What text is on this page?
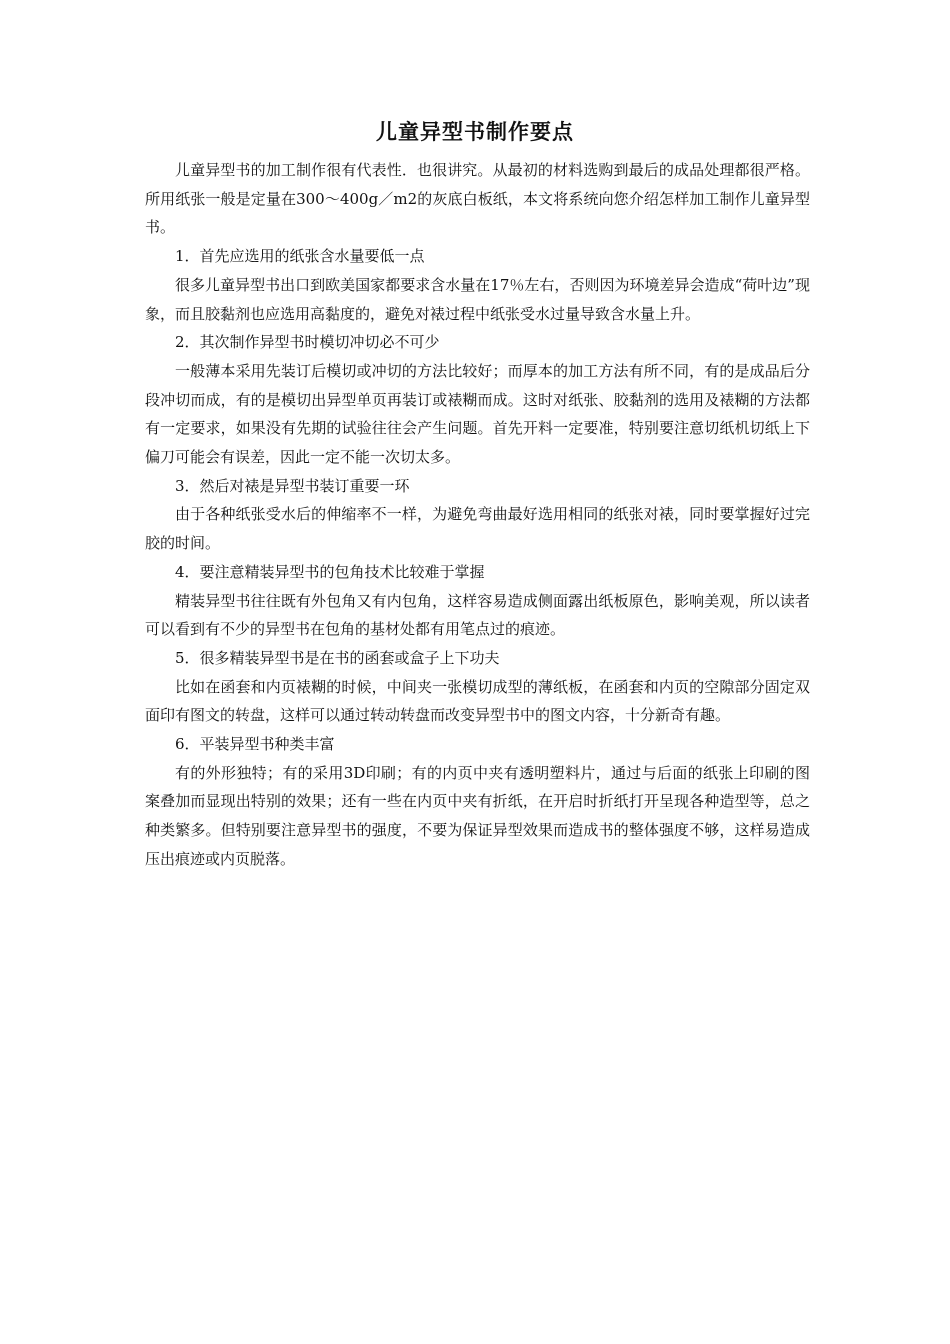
儿童异型书制作要点

儿童异型书的加工制作很有代表性．也很讲究。从最初的材料选购到最后的成品处理都很严格。所用纸张一般是定量在300～400g／m2的灰底白板纸，本文将系统向您介绍怎样加工制作儿童异型书。

1．首先应选用的纸张含水量要低一点

很多儿童异型书出口到欧美国家都要求含水量在17％左右，否则因为环境差异会造成“荷叶边”现象，而且胶黏剂也应选用高黏度的，避免对裱过程中纸张受水过量导致含水量上升。

2．其次制作异型书时模切冲切必不可少

一般薄本采用先装订后模切或冲切的方法比较好；而厚本的加工方法有所不同，有的是成品后分段冲切而成，有的是模切出异型单页再装订或裱糊而成。这时对纸张、胶黏剂的选用及裱糊的方法都有一定要求，如果没有先期的试验往往会产生问题。首先开料一定要准，特别要注意切纸机切纸上下偏刀可能会有误差，因此一定不能一次切太多。

3．然后对裱是异型书装订重要一环

由于各种纸张受水后的伸缩率不一样，为避免弯曲最好选用相同的纸张对裱，同时要掌握好过完胶的时间。

4．要注意精装异型书的包角技术比较难于掌握

精装异型书往往既有外包角又有内包角，这样容易造成侧面露出纸板原色，影响美观，所以读者可以看到有不少的异型书在包角的基材处都有用笔点过的痕迹。

5．很多精装异型书是在书的函套或盒子上下功夫

比如在函套和内页裱糊的时候，中间夹一张模切成型的薄纸板，在函套和内页的空隙部分固定双面印有图文的转盘，这样可以通过转动转盘而改变异型书中的图文内容，十分新奇有趣。

6．平装异型书种类丰富

有的外形独特；有的采用3D印刷；有的内页中夹有透明塑料片，通过与后面的纸张上印刷的图案叠加而显现出特别的效果；还有一些在内页中夹有折纸，在开启时折纸打开呈现各种造型等，总之种类繁多。但特别要注意异型书的强度，不要为保证异型效果而造成书的整体强度不够，这样易造成压出痕迹或内页脱落。
